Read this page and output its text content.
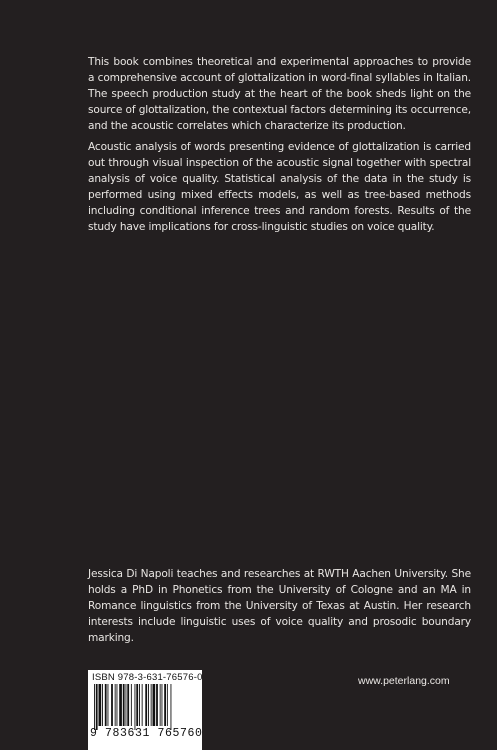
This book combines theoretical and experimental approaches to provide a comprehensive account of glottalization in word-final syllables in Italian. The speech production study at the heart of the book sheds light on the source of glottalization, the contextual factors determining its occurrence, and the acoustic correlates which characterize its production.

Acoustic analysis of words presenting evidence of glottalization is carried out through visual inspection of the acoustic signal together with spectral analysis of voice quality. Statistical analysis of the data in the study is performed using mixed effects models, as well as tree-based methods including conditional inference trees and random forests. Results of the study have implications for cross-linguistic studies on voice quality.

Jessica Di Napoli teaches and researches at RWTH Aachen University. She holds a PhD in Phonetics from the University of Cologne and an MA in Romance linguistics from the University of Texas at Austin. Her research interests include linguistic uses of voice quality and prosodic boundary marking.

ISBN 978-3-631-76576-0
9 783631 765760
www.peterlang.com
